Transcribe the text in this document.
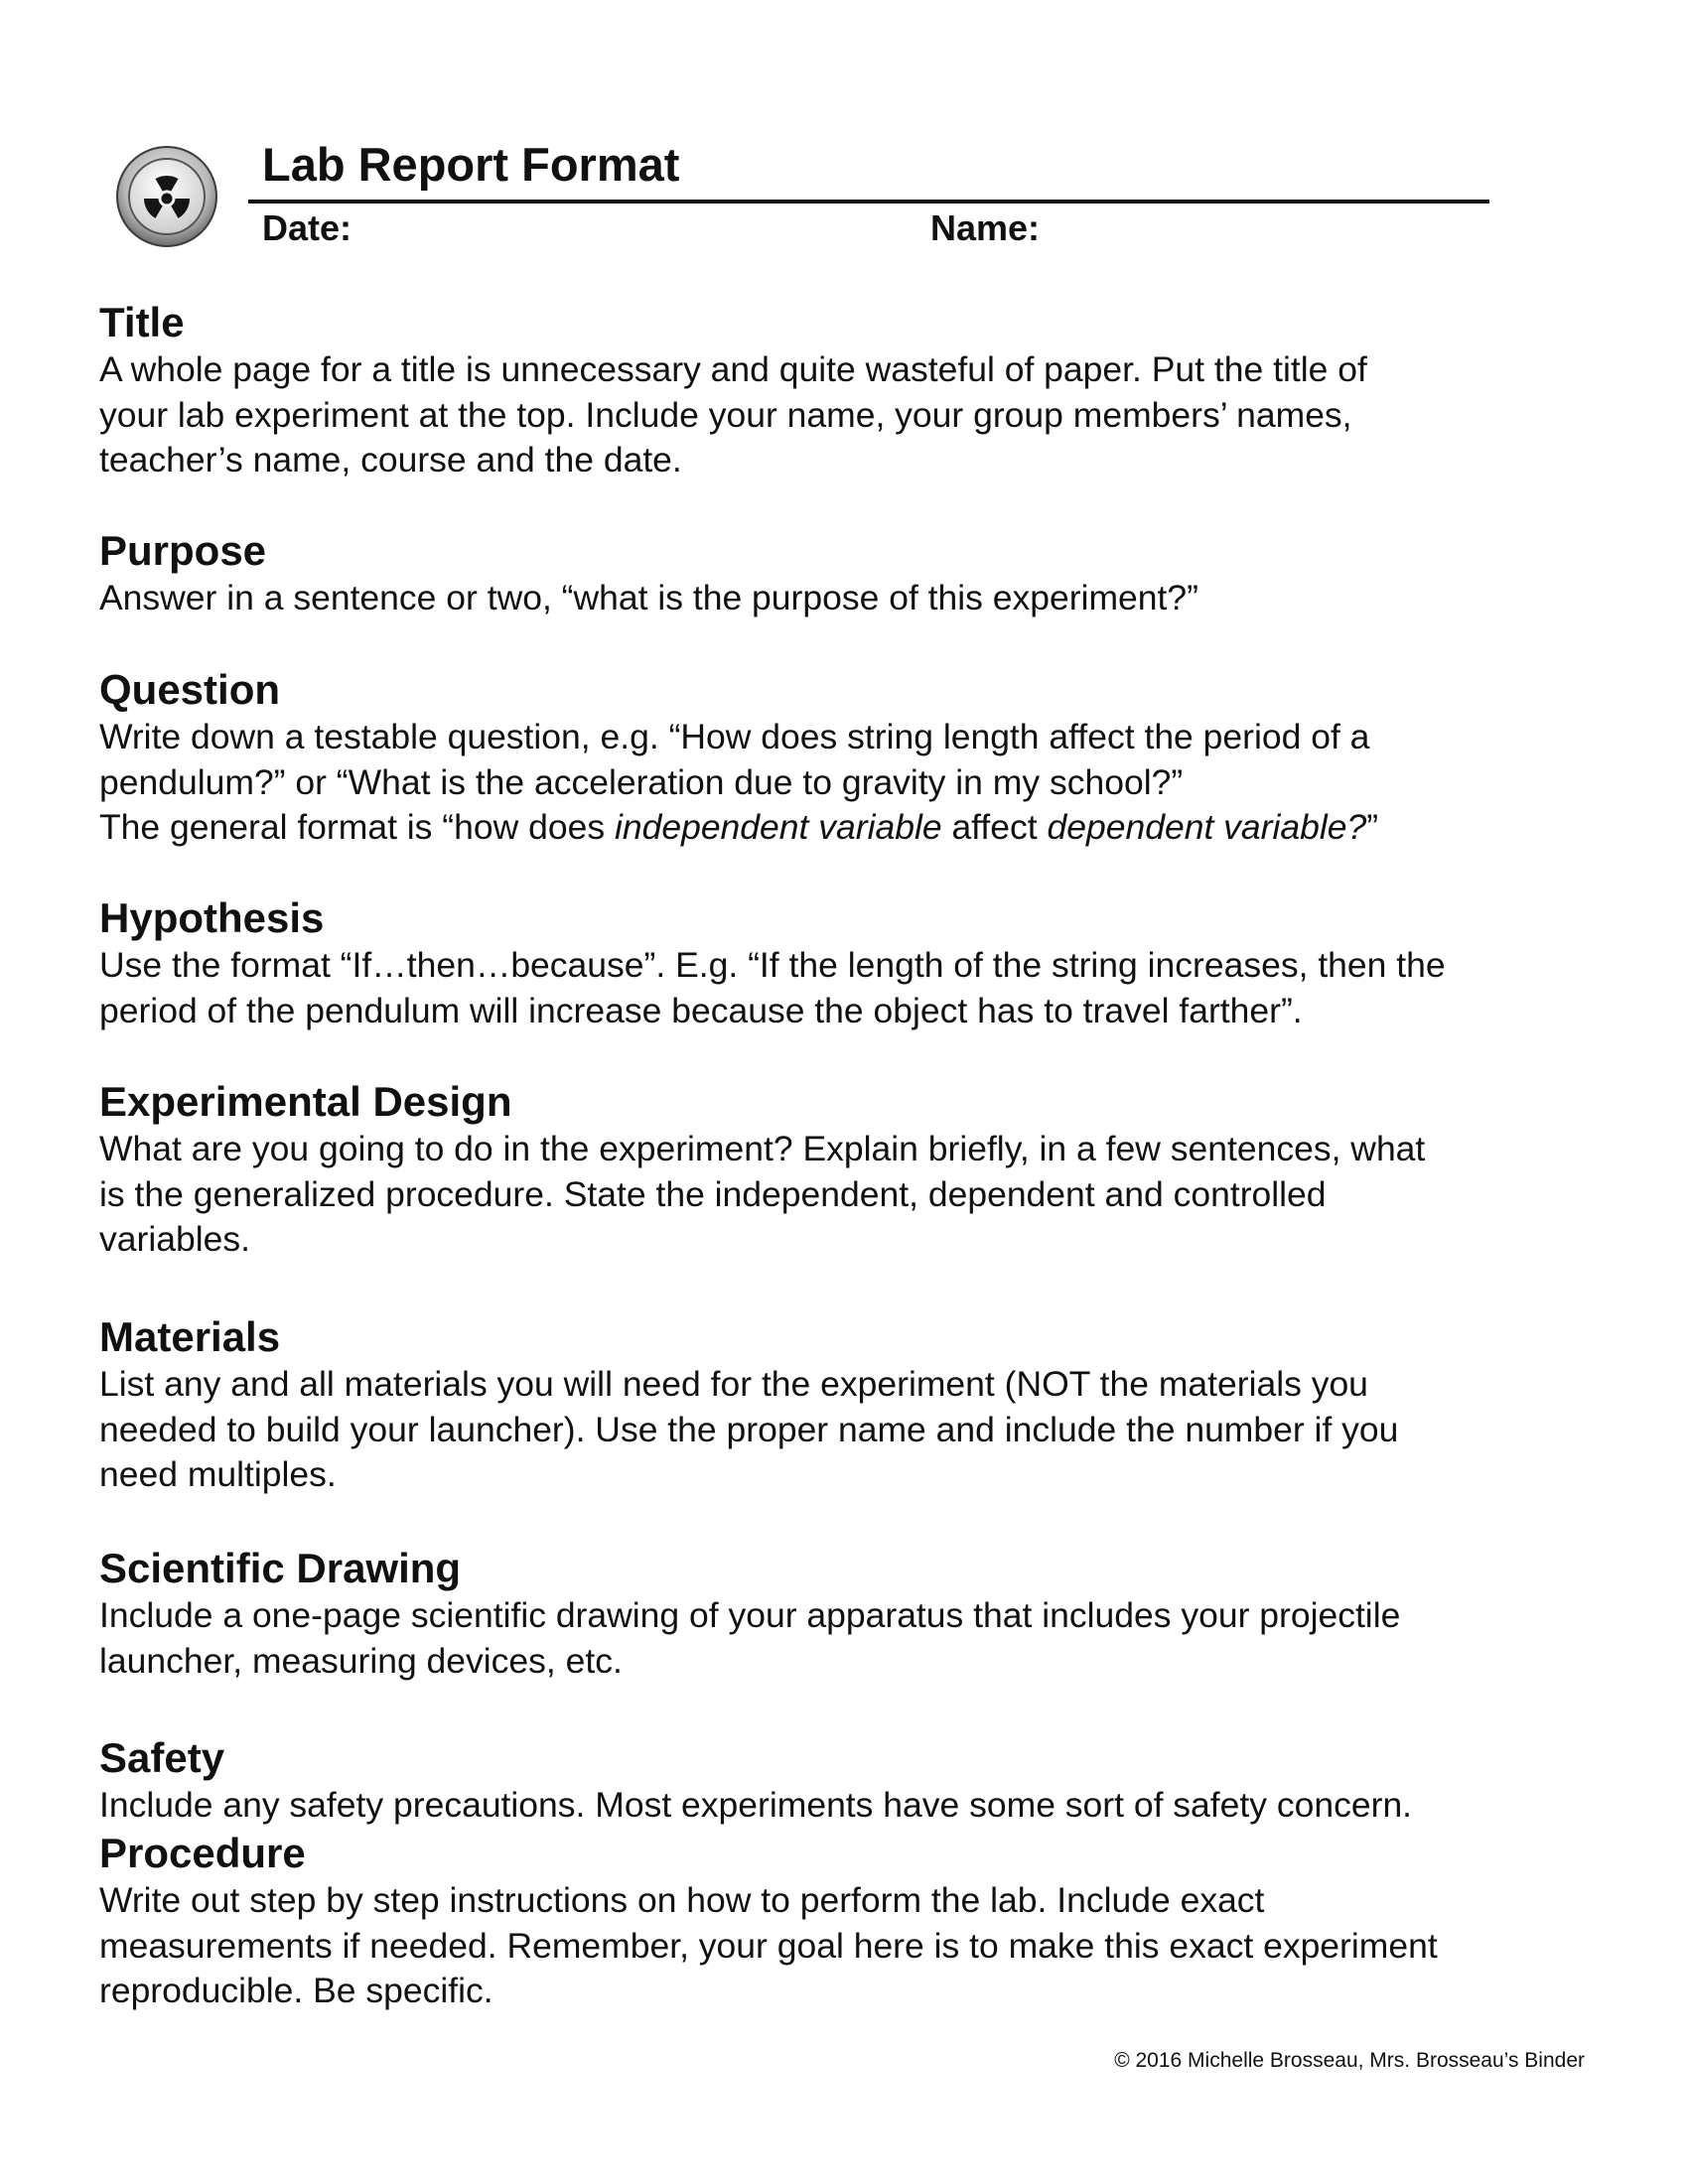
Lab Report Format
Date:	Name:
Title

A whole page for a title is unnecessary and quite wasteful of paper. Put the title of

your lab experiment at the top. Include your name, your group members’ names,

teacher’s name, course and the date.

Purpose

Answer in a sentence or two, “what is the purpose of this experiment?”

Question

Write down a testable question, e.g. “How does string length affect the period of a

pendulum?” or “What is the acceleration due to gravity in my school?”

The general format is “how does independent variable affect dependent variable?”

Hypothesis

Use the format “If…then…because”. E.g. “If the length of the string increases, then the

period of the pendulum will increase because the object has to travel farther”.

Experimental Design

What are you going to do in the experiment? Explain briefly, in a few sentences, what

is the generalized procedure. State the independent, dependent and controlled

variables.

Materials

List any and all materials you will need for the experiment (NOT the materials you

needed to build your launcher). Use the proper name and include the number if you

need multiples.

Scientific Drawing

Include a one-page scientific drawing of your apparatus that includes your projectile

launcher, measuring devices, etc.

Safety

Include any safety precautions. Most experiments have some sort of safety concern.

Procedure

Write out step by step instructions on how to perform the lab. Include exact

measurements if needed. Remember, your goal here is to make this exact experiment

reproducible. Be specific.

© 2016 Michelle Brosseau, Mrs. Brosseau’s Binder
